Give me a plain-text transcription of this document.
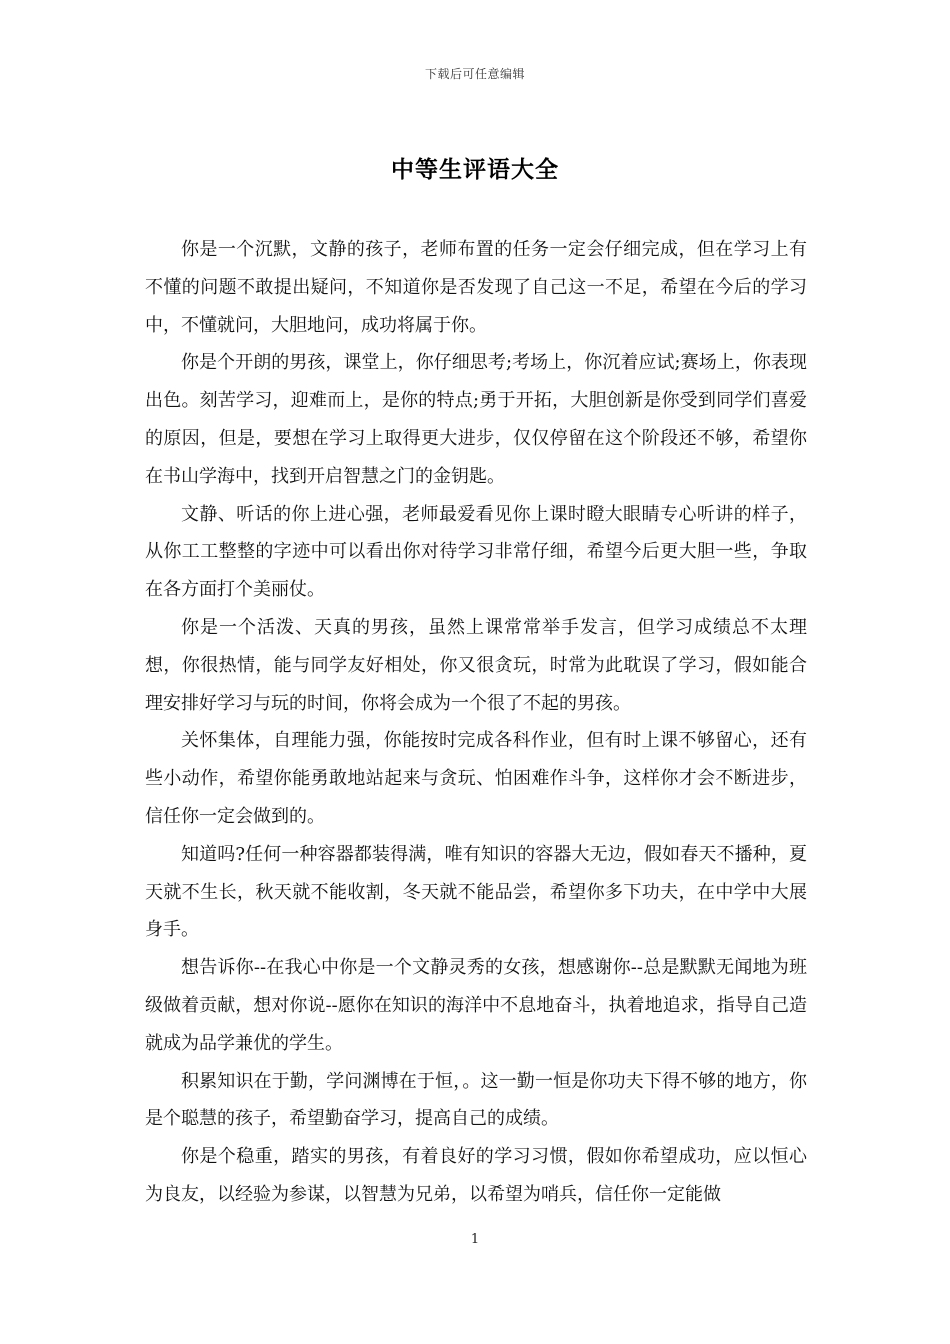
下载后可任意编辑
中等生评语大全

你是一个沉默，文静的孩子，老师布置的任务一定会仔细完成，但在学习上有不懂的问题不敢提出疑问，不知道你是否发现了自己这一不足，希望在今后的学习中，不懂就问，大胆地问，成功将属于你。

你是个开朗的男孩，课堂上，你仔细思考;考场上，你沉着应试;赛场上，你表现出色。刻苦学习，迎难而上，是你的特点;勇于开拓，大胆创新是你受到同学们喜爱的原因，但是，要想在学习上取得更大进步，仅仅停留在这个阶段还不够，希望你在书山学海中，找到开启智慧之门的金钥匙。

文静、听话的你上进心强，老师最爱看见你上课时瞪大眼睛专心听讲的样子，从你工工整整的字迹中可以看出你对待学习非常仔细，希望今后更大胆一些，争取在各方面打个美丽仗。

你是一个活泼、天真的男孩，虽然上课常常举手发言，但学习成绩总不太理想，你很热情，能与同学友好相处，你又很贪玩，时常为此耽误了学习，假如能合理安排好学习与玩的时间，你将会成为一个很了不起的男孩。

关怀集体，自理能力强，你能按时完成各科作业，但有时上课不够留心，还有些小动作，希望你能勇敢地站起来与贪玩、怕困难作斗争，这样你才会不断进步，信任你一定会做到的。

知道吗?任何一种容器都装得满，唯有知识的容器大无边，假如春天不播种，夏天就不生长，秋天就不能收割，冬天就不能品尝，希望你多下功夫，在中学中大展身手。

想告诉你--在我心中你是一个文静灵秀的女孩，想感谢你--总是默默无闻地为班级做着贡献，想对你说--愿你在知识的海洋中不息地奋斗，执着地追求，指导自己造就成为品学兼优的学生。

积累知识在于勤，学问渊博在于恒，。这一勤一恒是你功夫下得不够的地方，你是个聪慧的孩子，希望勤奋学习，提高自己的成绩。

你是个稳重，踏实的男孩，有着良好的学习习惯，假如你希望成功，应以恒心为良友，以经验为参谋，以智慧为兄弟，以希望为哨兵，信任你一定能做

1
